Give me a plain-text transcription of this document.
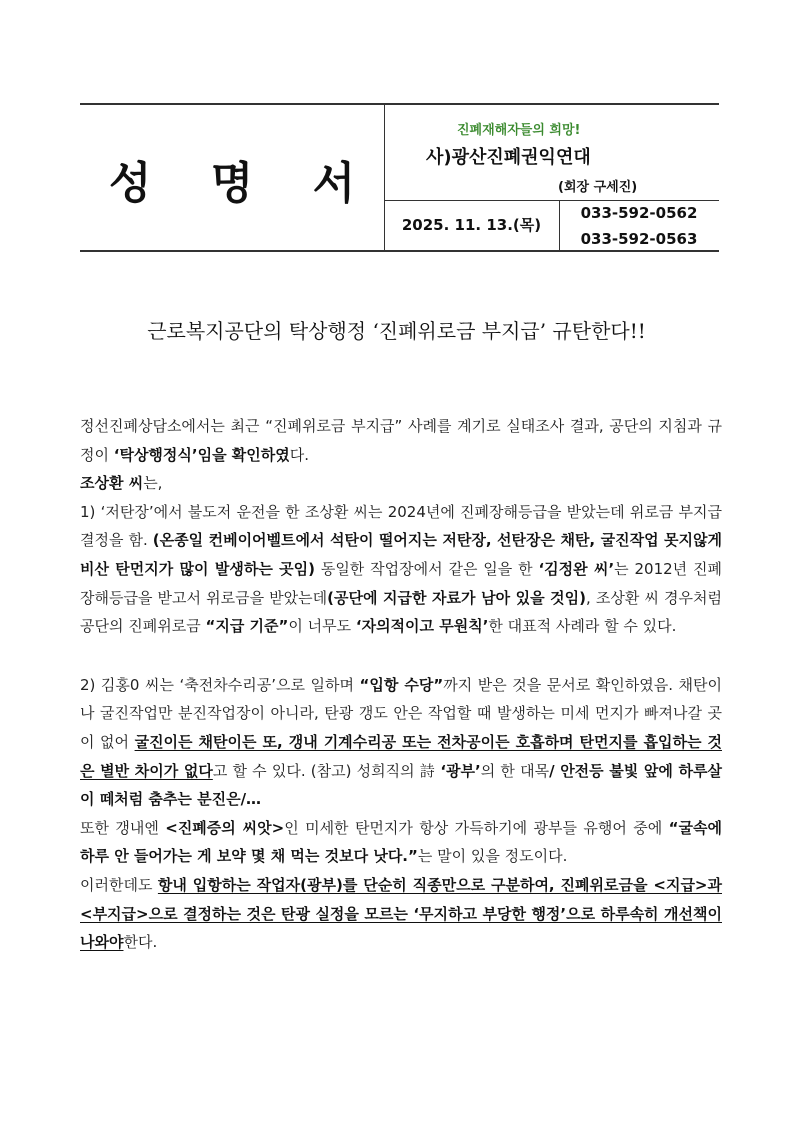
성 명 서
진폐재해자들의 희망!
사)광산진폐권익연대
(회장 구세진)
2025. 11. 13.(목)
033-592-0562
033-592-0563
근로복지공단의 탁상행정 ‘진폐위로금 부지급’ 규탄한다!!

정선진폐상담소에서는 최근 “진폐위로금 부지급” 사례를 계기로 실태조사 결과, 공단의 지침과 규정이 ‘탁상행정식’임을 확인하였다.

조상환 씨는,

1) ‘저탄장’에서 불도저 운전을 한 조상환 씨는 2024년에 진폐장해등급을 받았는데 위로금 부지급 결정을 함. (온종일 컨베이어벨트에서 석탄이 떨어지는 저탄장, 선탄장은 채탄, 굴진작업 못지않게 비산 탄먼지가 많이 발생하는 곳임) 동일한 작업장에서 같은 일을 한 ‘김정완 씨’는 2012년 진폐장해등급을 받고서 위로금을 받았는데(공단에 지급한 자료가 남아 있을 것임), 조상환 씨 경우처럼 공단의 진폐위로금 “지급 기준”이 너무도 ‘자의적이고 무원칙’한 대표적 사례라 할 수 있다.

2) 김홍0 씨는 ‘축전차수리공’으로 일하며 “입항 수당”까지 받은 것을 문서로 확인하였음. 채탄이나 굴진작업만 분진작업장이 아니라, 탄광 갱도 안은 작업할 때 발생하는 미세 먼지가 빠져나갈 곳이 없어 굴진이든 채탄이든 또, 갱내 기계수리공 또는 전차공이든 호흡하며 탄먼지를 흡입하는 것은 별반 차이가 없다고 할 수 있다. (참고) 성희직의 詩 ‘광부’의 한 대목/ 안전등 불빛 앞에 하루살이 떼처럼 춤추는 분진은/…

또한 갱내엔 <진폐증의 씨앗>인 미세한 탄먼지가 항상 가득하기에 광부들 유행어 중에 “굴속에 하루 안 들어가는 게 보약 몇 채 먹는 것보다 낫다.”는 말이 있을 정도이다.

이러한데도 항내 입항하는 작업자(광부)를 단순히 직종만으로 구분하여, 진폐위로금을 <지급>과 <부지급>으로 결정하는 것은 탄광 실정을 모르는 ‘무지하고 부당한 행정’으로 하루속히 개선책이 나와야한다.
